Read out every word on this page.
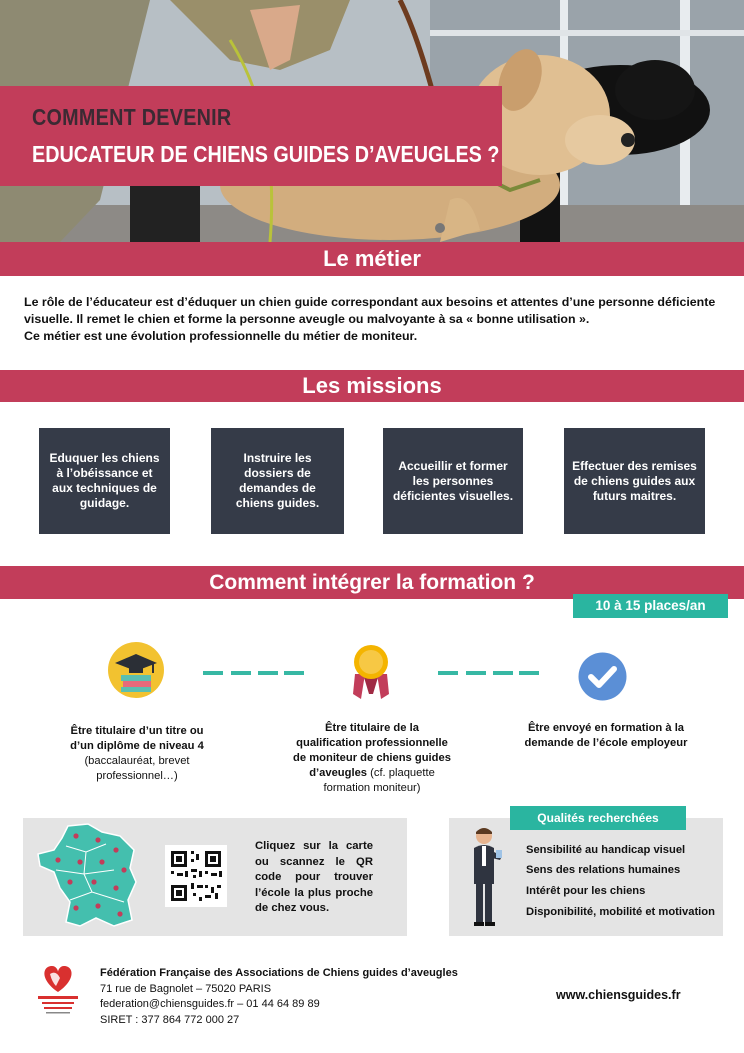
COMMENT DEVENIR
EDUCATEUR DE CHIENS GUIDES D’AVEUGLES ?
Le métier
Le rôle de l’éducateur est d’éduquer un chien guide correspondant aux besoins et attentes d’une personne déficiente
visuelle. Il remet le chien et forme la personne aveugle ou malvoyante à sa « bonne utilisation ».
Ce métier est une évolution professionnelle du métier de moniteur.
Les missions
Eduquer les chiens à l’obéissance et aux techniques de guidage.
Instruire les dossiers de demandes de chiens guides.
Accueillir et former les personnes déficientes visuelles.
Effectuer des remises de chiens guides aux futurs maitres.
Comment intégrer la formation ?
10 à 15 places/an
Être titulaire d’un titre ou d’un diplôme de niveau 4
(baccalauréat, brevet professionnel…)
Être titulaire de la qualification professionnelle de moniteur de chiens guides d’aveugles (cf. plaquette formation moniteur)
Être envoyé en formation à la demande de l’école employeur
Cliquez sur la carte ou scannez le QR code pour trouver l’école la plus proche de chez vous.
Qualités recherchées
Sensibilité au handicap visuel
Sens des relations humaines
Intérêt pour les chiens
Disponibilité, mobilité et motivation
Fédération Française des Associations de Chiens guides d’aveugles
71 rue de Bagnolet – 75020 PARIS
federation@chiensguides.fr – 01 44 64 89 89
SIRET : 377 864 772 000 27
www.chiensguides.fr
